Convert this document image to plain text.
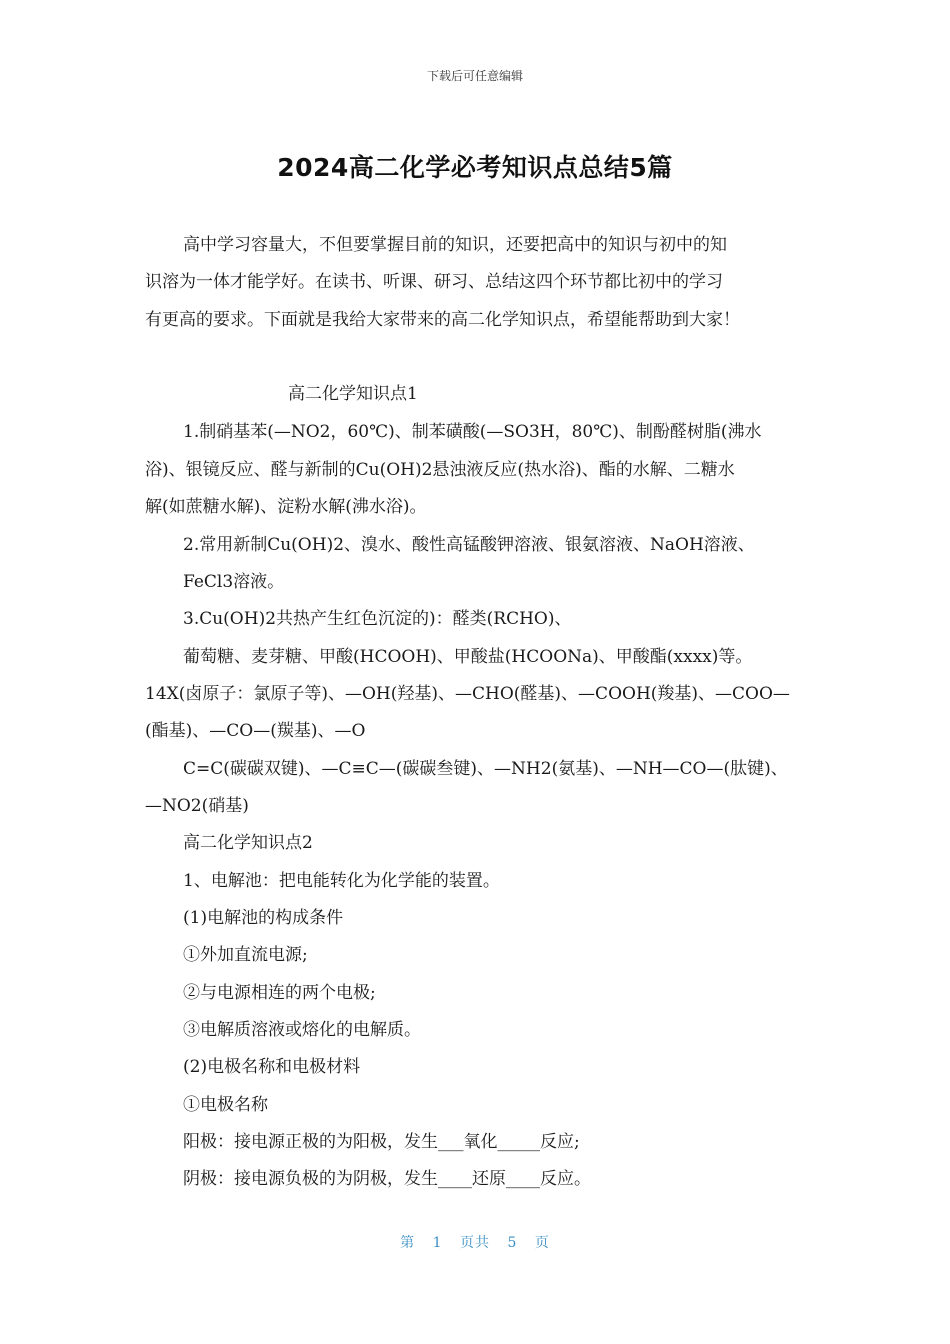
下载后可任意编辑
2024高二化学必考知识点总结5篇
高中学习容量大，不但要掌握目前的知识，还要把高中的知识与初中的知
识溶为一体才能学好。在读书、听课、研习、总结这四个环节都比初中的学习
有更高的要求。下面就是我给大家带来的高二化学知识点，希望能帮助到大家！
高二化学知识点1
1.制硝基苯(—NO2，60℃)、制苯磺酸(—SO3H，80℃)、制酚醛树脂(沸水
浴)、银镜反应、醛与新制的Cu(OH)2悬浊液反应(热水浴)、酯的水解、二糖水
解(如蔗糖水解)、淀粉水解(沸水浴)。
2.常用新制Cu(OH)2、溴水、酸性高锰酸钾溶液、银氨溶液、NaOH溶液、
FeCl3溶液。
3.Cu(OH)2共热产生红色沉淀的)：醛类(RCHO)、
葡萄糖、麦芽糖、甲酸(HCOOH)、甲酸盐(HCOONa)、甲酸酯(xxxx)等。
14X(卤原子：氯原子等)、—OH(羟基)、—CHO(醛基)、—COOH(羧基)、—COO—
(酯基)、—CO—(羰基)、—O
C=C(碳碳双键)、—C≡C—(碳碳叁键)、—NH2(氨基)、—NH—CO—(肽键)、
—NO2(硝基)
高二化学知识点2
1、电解池：把电能转化为化学能的装置。
(1)电解池的构成条件
①外加直流电源;
②与电源相连的两个电极;
③电解质溶液或熔化的电解质。
(2)电极名称和电极材料
①电极名称
阳极：接电源正极的为阳极，发生___氧化_____反应;
阴极：接电源负极的为阴极，发生____还原____反应。
第 1 页共 5 页
